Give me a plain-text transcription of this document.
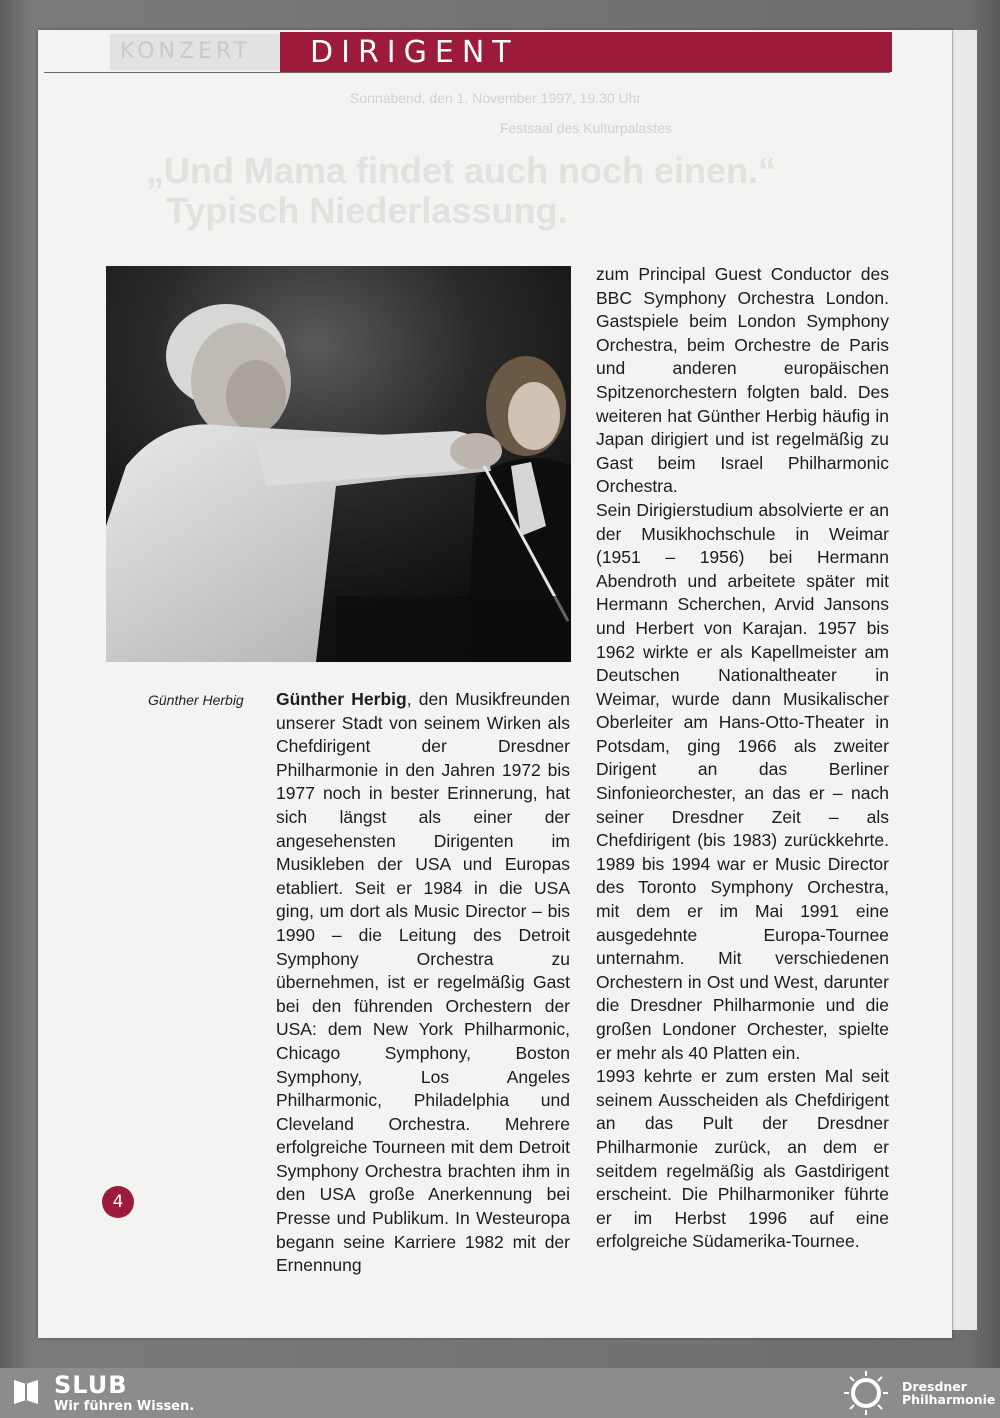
KONZERT	DIRIGENT
Sonnabend, den 1. November 1997, 19.30 Uhr
Festsaal des Kulturpalastes
„Und Mama findet auch noch einen.“
Typisch Niederlassung.
Günther Herbig	Günther Herbig, den Musikfreunden unserer Stadt von seinem Wirken als Chefdirigent der Dresdner Philharmonie in den Jahren 1972 bis 1977 noch in bester Erinnerung, hat sich längst als einer der angesehensten Dirigenten im Musikleben der USA und Europas etabliert. Seit er 1984 in die USA ging, um dort als Music Director – bis 1990 – die Leitung des Detroit Symphony Orchestra zu übernehmen, ist er regelmäßig Gast bei den führenden Orchestern der USA: dem New York Philharmonic, Chicago Symphony, Boston Symphony, Los Angeles Philharmonic, Philadelphia und Cleveland Orchestra. Mehrere erfolgreiche Tourneen mit dem Detroit Symphony Orchestra brachten ihm in den USA große Anerkennung bei Presse und Publikum. In Westeuropa begann seine Karriere 1982 mit der Ernennung

zum Principal Guest Conductor des BBC Symphony Orchestra London. Gastspiele beim London Symphony Orchestra, beim Orchestre de Paris und anderen europäischen Spitzenorchestern folgten bald. Des weiteren hat Günther Herbig häufig in Japan dirigiert und ist regelmäßig zu Gast beim Israel Philharmonic Orchestra.

Sein Dirigierstudium absolvierte er an der Musikhochschule in Weimar (1951 – 1956) bei Hermann Abendroth und arbeitete später mit Hermann Scherchen, Arvid Jansons und Herbert von Karajan. 1957 bis 1962 wirkte er als Kapellmeister am Deutschen Nationaltheater in Weimar, wurde dann Musikalischer Oberleiter am Hans-Otto-Theater in Potsdam, ging 1966 als zweiter Dirigent an das Berliner Sinfonieorchester, an das er – nach seiner Dresdner Zeit – als Chefdirigent (bis 1983) zurückkehrte. 1989 bis 1994 war er Music Director des Toronto Symphony Orchestra, mit dem er im Mai 1991 eine ausgedehnte Europa-Tournee unternahm. Mit verschiedenen Orchestern in Ost und West, darunter die Dresdner Philharmonie und die großen Londoner Orchester, spielte er mehr als 40 Platten ein.

1993 kehrte er zum ersten Mal seit seinem Ausscheiden als Chefdirigent an das Pult der Dresdner Philharmonie zurück, an dem er seitdem regelmäßig als Gastdirigent erscheint. Die Philharmoniker führte er im Herbst 1996 auf eine erfolgreiche Südamerika-Tournee.

4
SLUB
Wir führen Wissen.
Dresdner
Philharmonie
